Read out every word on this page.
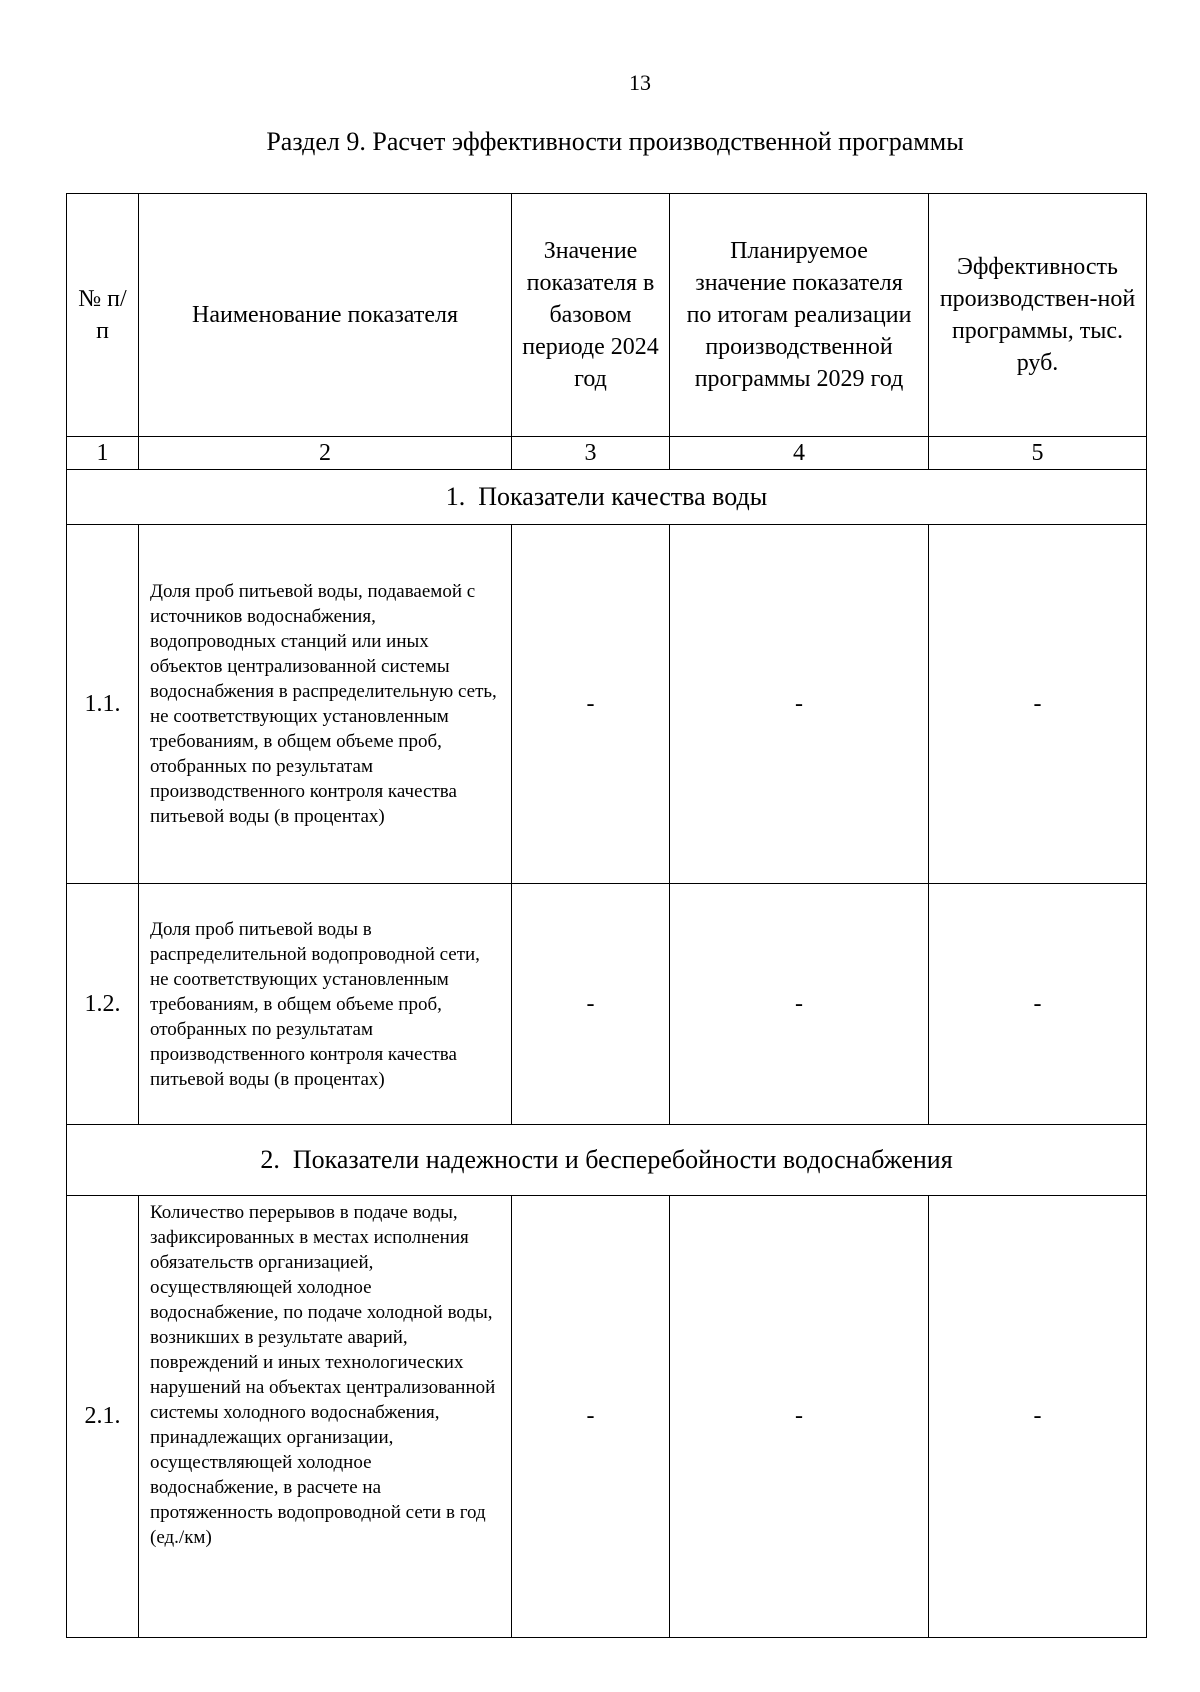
13
Раздел 9. Расчет эффективности производственной программы
№ п/п	Наименование показателя	Значение показателя в базовом периоде 2024 год	Планируемое значение показателя по итогам реализации производственной программы 2029 год	Эффективность производствен-ной программы, тыс. руб.
1	2	3	4	5
1.  Показатели качества воды				
1.1.	Доля проб питьевой воды, подаваемой с источников водоснабжения, водопроводных станций или иных объектов централизованной системы водоснабжения в распределительную сеть, не соответствующих установленным требованиям, в общем объеме проб, отобранных по результатам производственного контроля качества питьевой воды (в процентах)	-	-	-
1.2.	Доля проб питьевой воды в распределительной водопроводной сети, не соответствующих установленным требованиям, в общем объеме проб, отобранных по результатам производственного контроля качества питьевой воды (в процентах)	-	-	-
2.  Показатели надежности и бесперебойности водоснабжения				
2.1.	Количество перерывов в подаче воды, зафиксированных в местах исполнения обязательств организацией, осуществляющей холодное водоснабжение, по подаче холодной воды, возникших в результате аварий, повреждений и иных технологических нарушений на объектах централизованной системы холодного водоснабжения, принадлежащих организации, осуществляющей холодное водоснабжение, в расчете на протяженность водопроводной сети в год (ед./км)	-	-	-
